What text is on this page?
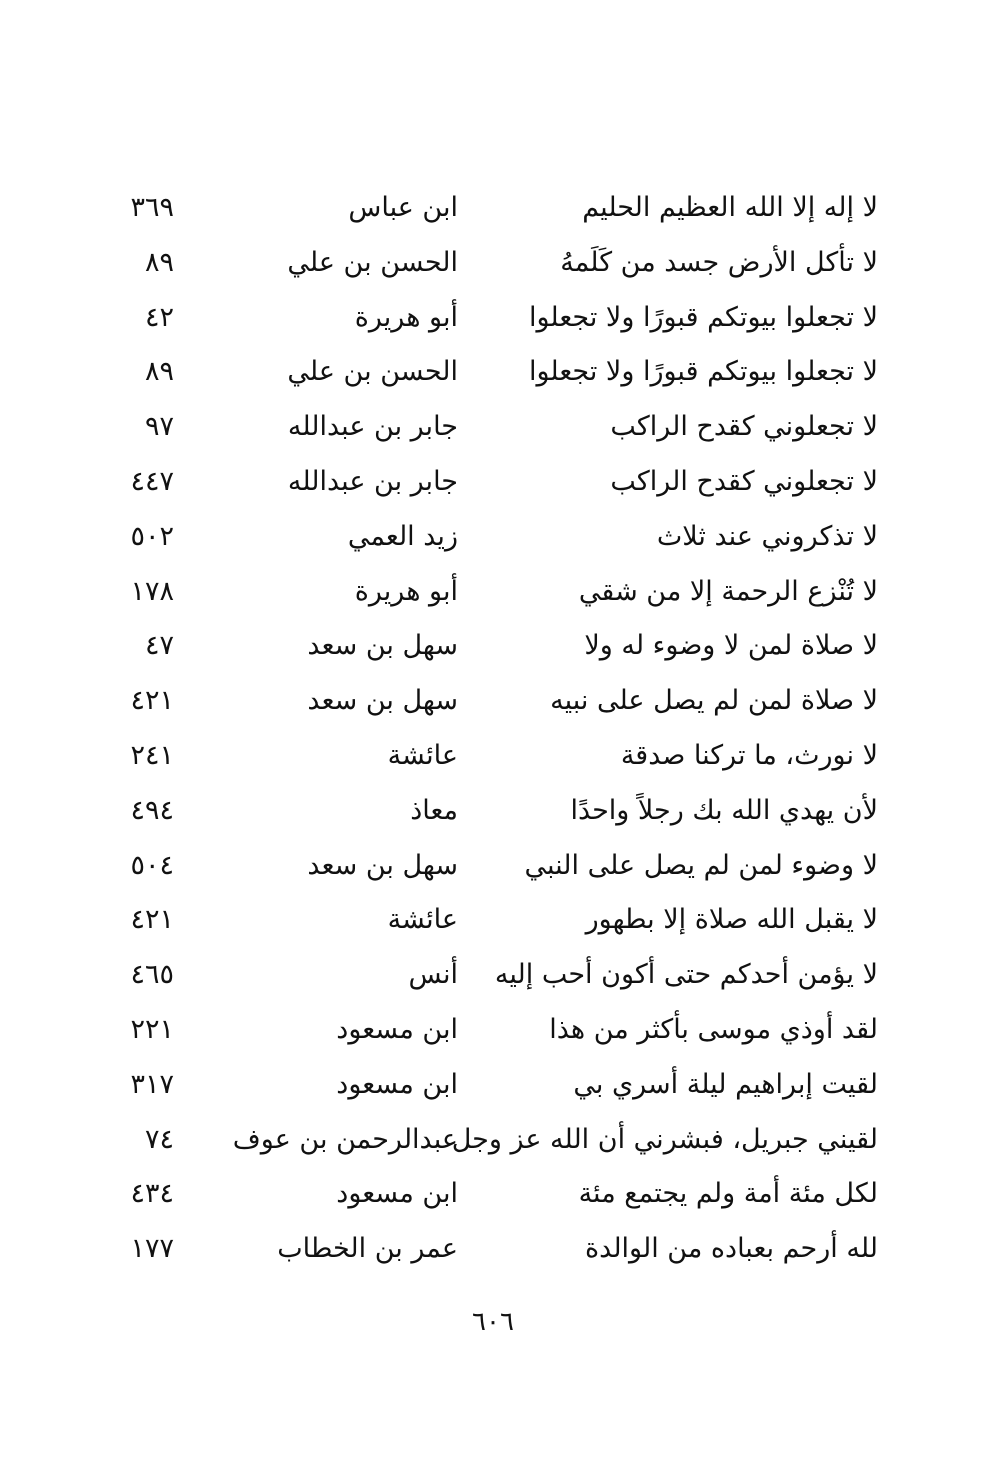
لا إله إلا الله العظيم الحليم
ابن عباس
٣٦٩
لا تأكل الأرض جسد من كَلَمهُ
الحسن بن علي
٨٩
لا تجعلوا بيوتكم قبورًا ولا تجعلوا
أبو هريرة
٤٢
لا تجعلوا بيوتكم قبورًا ولا تجعلوا
الحسن بن علي
٨٩
لا تجعلوني كقدح الراكب
جابر بن عبدالله
٩٧
لا تجعلوني كقدح الراكب
جابر بن عبدالله
٤٤٧
لا تذكروني عند ثلاث
زيد العمي
٥٠٢
لا تُنْزع الرحمة إلا من شقي
أبو هريرة
١٧٨
لا صلاة لمن لا وضوء له ولا
سهل بن سعد
٤٧
لا صلاة لمن لم يصل على نبيه
سهل بن سعد
٤٢١
لا نورث، ما تركنا صدقة
عائشة
٢٤١
لأن يهدي الله بك رجلاً واحدًا
معاذ
٤٩٤
لا وضوء لمن لم يصل على النبي
سهل بن سعد
٥٠٤
لا يقبل الله صلاة إلا بطهور
عائشة
٤٢١
لا يؤمن أحدكم حتى أكون أحب إليه
أنس
٤٦٥
لقد أوذي موسى بأكثر من هذا
ابن مسعود
٢٢١
لقيت إبراهيم ليلة أسري بي
ابن مسعود
٣١٧
لقيني جبريل، فبشرني أن الله عز وجل
عبدالرحمن بن عوف
٧٤
لكل مئة أمة ولم يجتمع مئة
ابن مسعود
٤٣٤
لله أرحم بعباده من الوالدة
عمر بن الخطاب
١٧٧
٦٠٦
